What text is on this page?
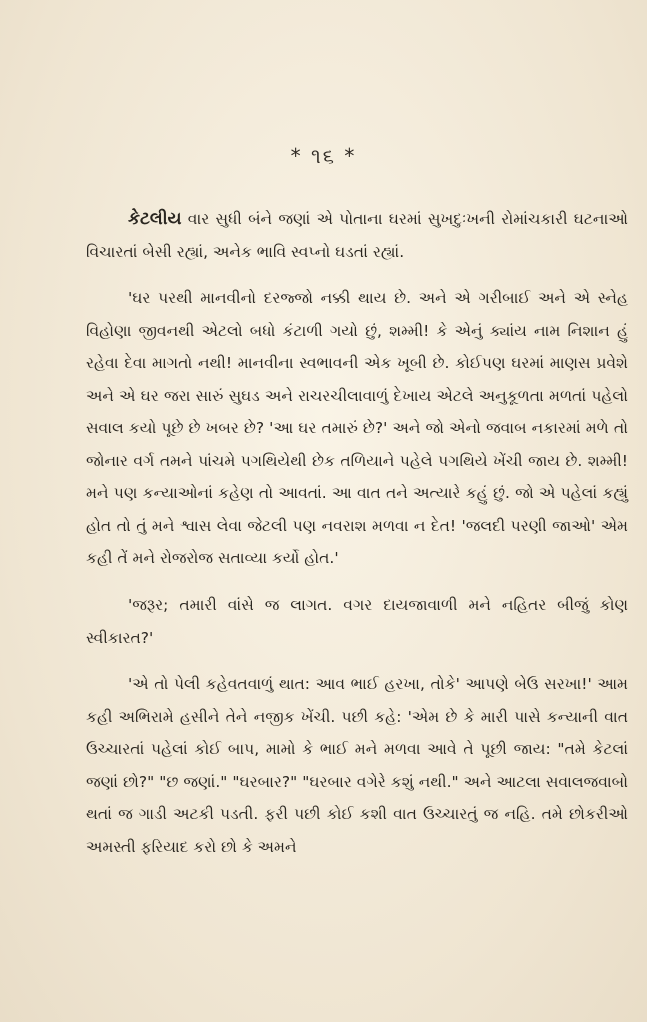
* ૧૬ *

કેટલીય વાર સુધી બંને જણાં એ પોતાના ઘરમાં સુખદુઃખની રોમાંચકારી ઘટનાઓ વિચારતાં બેસી રહ્યાં, અનેક ભાવિ સ્વપ્નો ઘડતાં રહ્યાં.

'ઘર પરથી માનવીનો દરજ્જો નક્કી થાય છે. અને એ ગરીબાઈ અને એ સ્નેહ વિહોણા જીવનથી એટલો બધો કંટાળી ગયો છું, શમ્મી! કે એનું ક્યાંય નામ નિશાન હું રહેવા દેવા માગતો નથી! માનવીના સ્વભાવની એક ખૂબી છે. કોઈપણ ઘરમાં માણસ પ્રવેશે અને એ ઘર જરા સારું સુઘડ અને રાચરચીલાવાળું દેખાય એટલે અનુકૂળતા મળતાં પહેલો સવાલ કયો પૂછે છે ખબર છે? 'આ ઘર તમારું છે?' અને જો એનો જવાબ નકારમાં મળે તો જોનાર વર્ગ તમને પાંચમે પગથિયેથી છેક તળિયાને પહેલે પગથિયે ખેંચી જાય છે. શમ્મી! મને પણ કન્યાઓનાં કહેણ તો આવતાં. આ વાત તને અત્યારે કહું છું. જો એ પહેલાં કહ્યું હોત તો તું મને શ્વાસ લેવા જેટલી પણ નવરાશ મળવા ન દેત! 'જલદી પરણી જાઓ' એમ કહી તેં મને રોજરોજ સતાવ્યા કર્યો હોત.'

'જરૂર; તમારી વાંસે જ લાગત. વગર દાયજાવાળી મને નહિતર બીજું કોણ સ્વીકારત?'

'એ તો પેલી કહેવતવાળું થાત: આવ ભાઈ હરખા, તોકે' આપણે બેઉ સરખા!' આમ કહી અભિરામે હસીને તેને નજીક ખેંચી. પછી કહે: 'એમ છે કે મારી પાસે કન્યાની વાત ઉચ્ચારતાં પહેલાં કોઈ બાપ, મામો કે ભાઈ મને મળવા આવે તે પૂછી જાય: "તમે કેટલાં જણાં છો?" "છ જણાં." "ઘરબાર?" "ઘરબાર વગેરે કશું નથી." અને આટલા સવાલજવાબો થતાં જ ગાડી અટકી પડતી. ફરી પછી કોઈ કશી વાત ઉચ્ચારતું જ નહિ. તમે છોકરીઓ અમસ્તી ફરિયાદ કરો છો કે અમને
